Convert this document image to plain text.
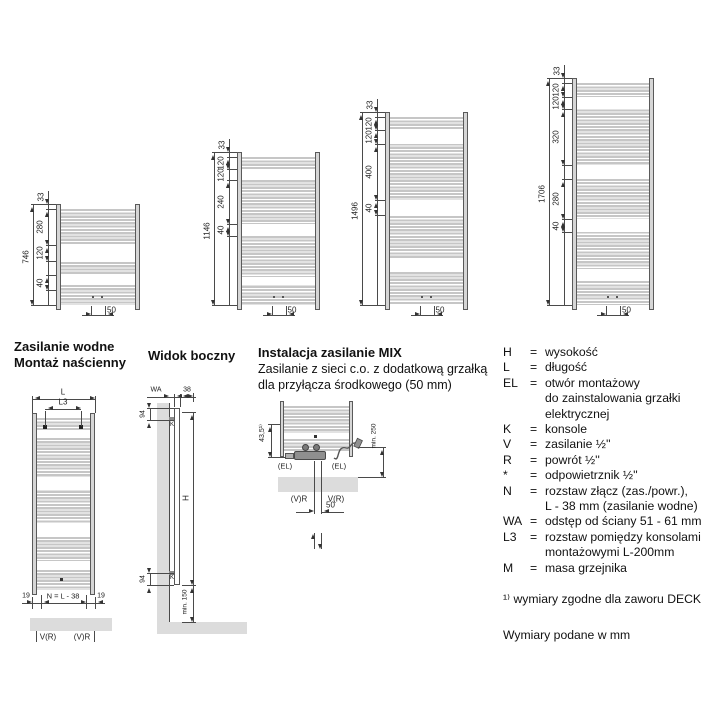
746
33
280
120
40
50
1146
33
120
120
240
40
50
1496
33
120
120
400
40
50
1706
33
120
120
320
280
40
50
L
L3
19 N = L - 38	19
V(R) (V)R
K
K
WA	38
H
94
94
min. 150
43,5¹⁾
(EL)	(EL)
min. 250
(V)R	V(R)
50
Zasilanie wodne
Montaż naścienny Widok boczny Instalacja zasilanie MIX
Zasilanie z sieci c.o. z dodatkową grzałką
dla przyłącza środkowego (50 mm)
H	= wysokość
L	= długość
EL = otwór montażowy
do zainstalowania grzałki
elektrycznej
K	= konsole
V	= zasilanie ½''
R	= powrót ½''
*	= odpowietrznik ½''
N	= rozstaw złącz (zas./powr.),
L - 38 mm (zasilanie wodne)
WA = odstęp od ściany 51 - 61 mm
L3	= rozstaw pomiędzy konsolami
montażowymi L-200mm
M	= masa grzejnika
¹⁾ wymiary zgodne dla zaworu DECK
Wymiary podane w mm
